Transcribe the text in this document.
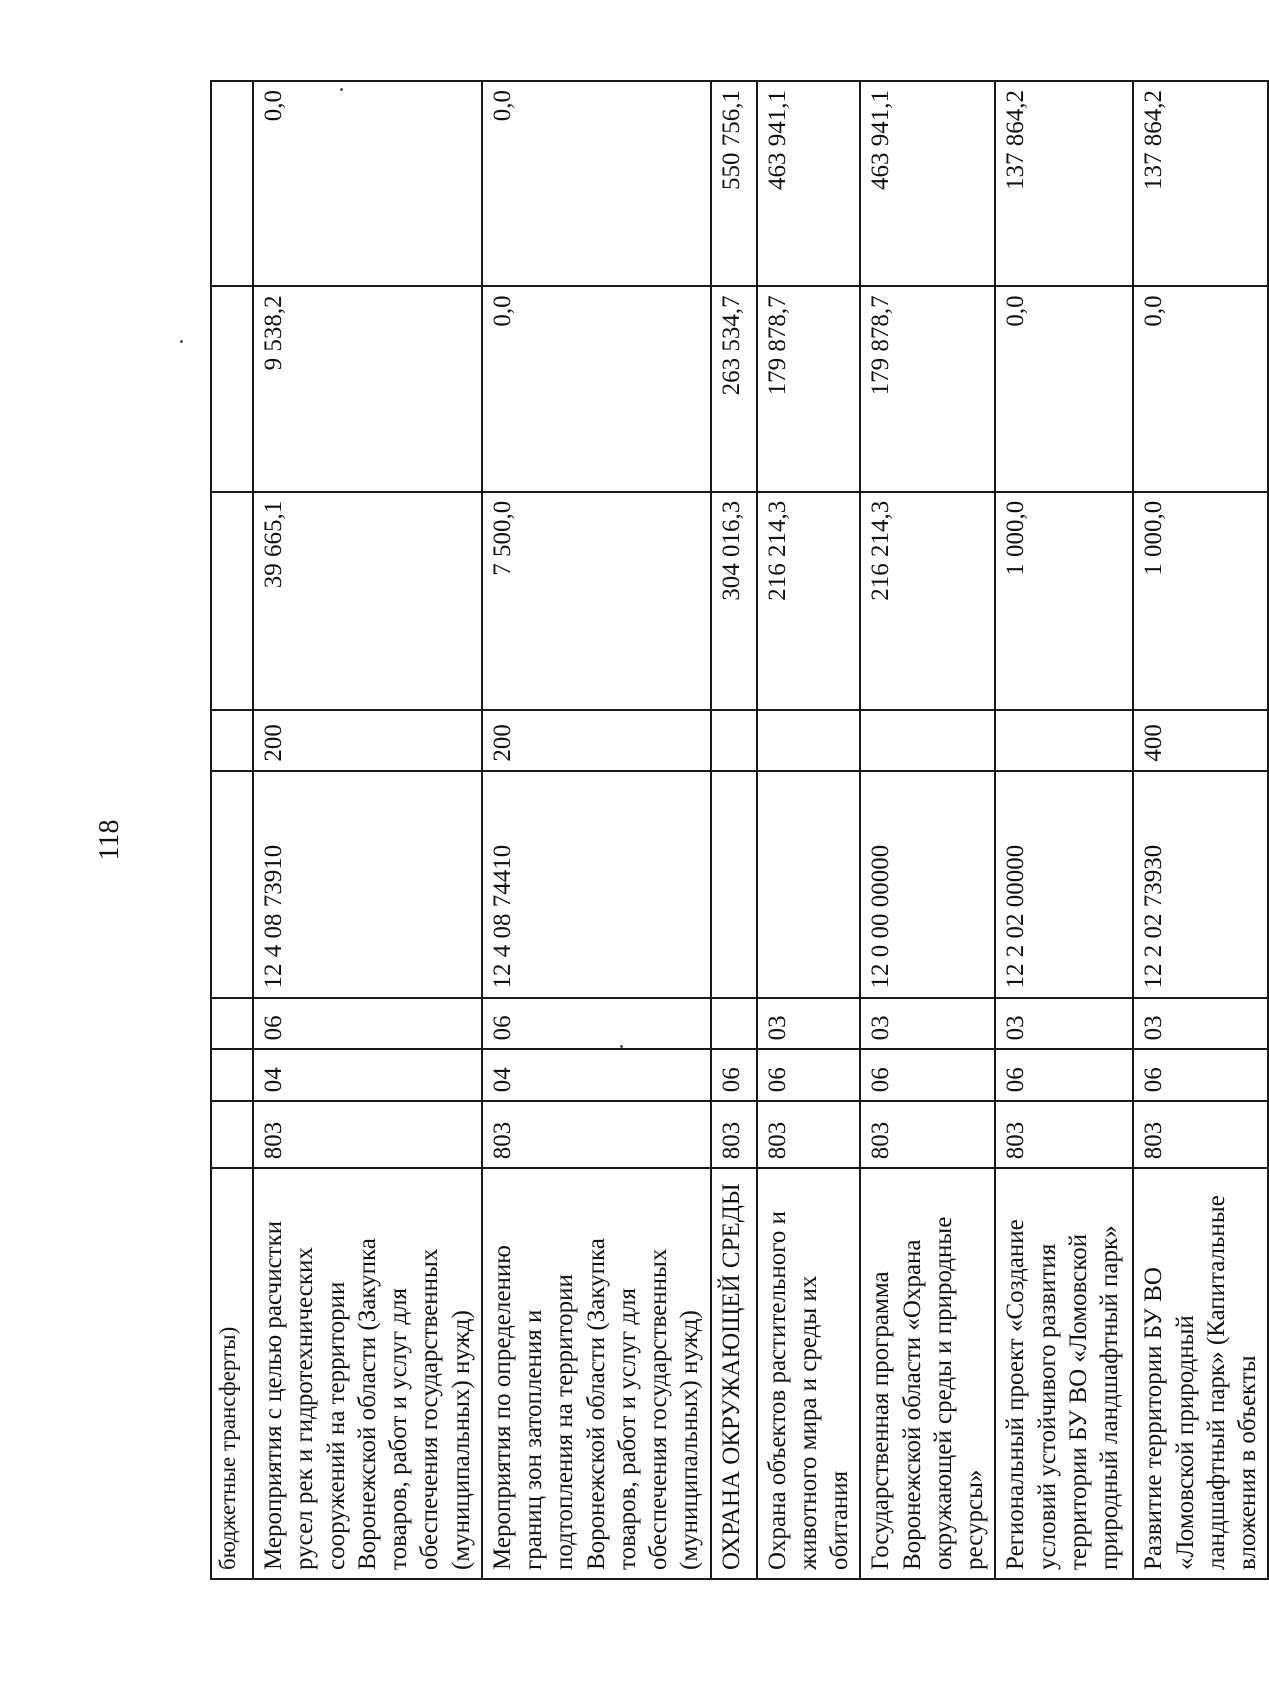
118
бюджетные трансферты)								
Мероприятия с целью расчистки русел рек и гидротехнических сооружений на территории Воронежской области (Закупка товаров, работ и услуг для обеспечения государственных (муниципальных) нужд)	803	04	06	12 4 08 73910	200	39 665,1	9 538,2	0,0
Мероприятия по определению границ зон затопления и подтопления на территории Воронежской области (Закупка товаров, работ и услуг для обеспечения государственных (муниципальных) нужд)	803	04	06	12 4 08 74410	200	7 500,0	0,0	0,0
ОХРАНА ОКРУЖАЮЩЕЙ СРЕДЫ	803	06				304 016,3	263 534,7	550 756,1
Охрана объектов растительного и животного мира и среды их обитания	803	06	03			216 214,3	179 878,7	463 941,1
Государственная программа Воронежской области «Охрана окружающей среды и природные ресурсы»	803	06	03	12 0 00 00000		216 214,3	179 878,7	463 941,1
Региональный проект «Создание условий устойчивого развития территории БУ ВО «Ломовской природный ландшафтный парк»	803	06	03	12 2 02 00000		1 000,0	0,0	137 864,2
Развитие территории БУ ВО «Ломовской природный ландшафтный парк» (Капитальные вложения в объекты	803	06	03	12 2 02 73930	400	1 000,0	0,0	137 864,2
